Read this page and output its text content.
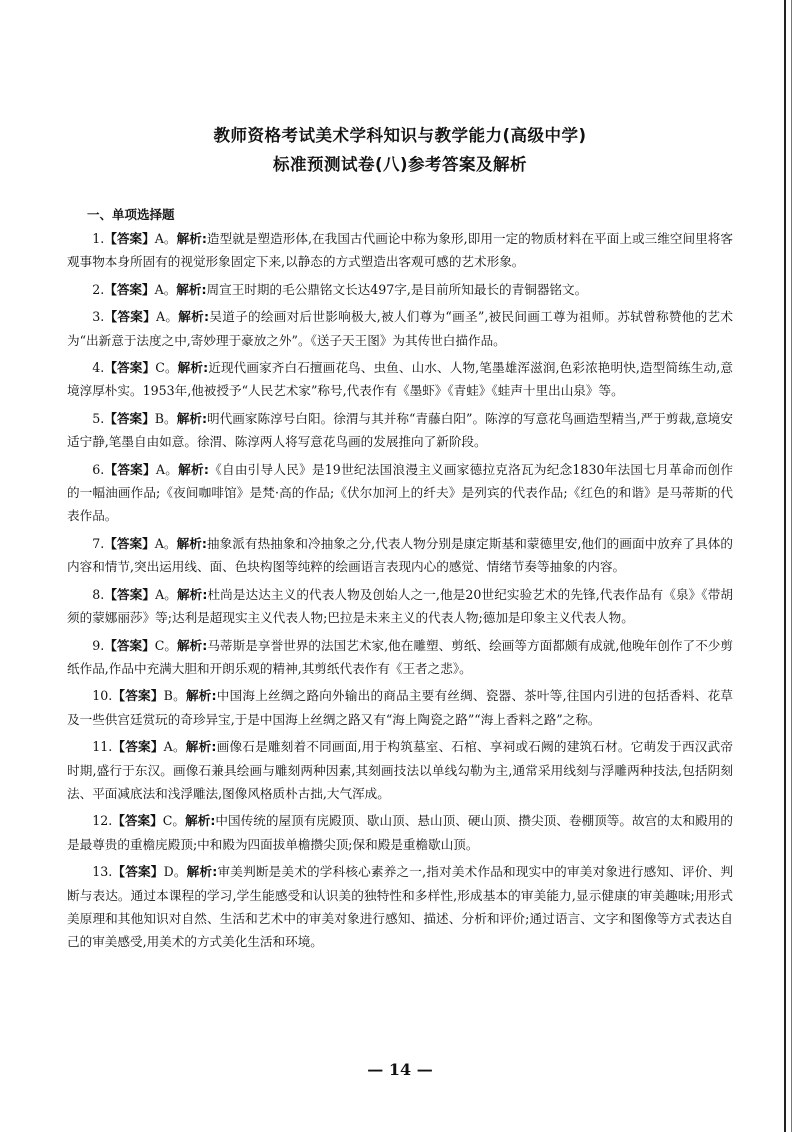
教师资格考试美术学科知识与教学能力(高级中学)
标准预测试卷(八)参考答案及解析
一、单项选择题

1.【答案】A。解析:造型就是塑造形体,在我国古代画论中称为象形,即用一定的物质材料在平面上或三维空间里将客观事物本身所固有的视觉形象固定下来,以静态的方式塑造出客观可感的艺术形象。

2.【答案】A。解析:周宣王时期的毛公鼎铭文长达497字,是目前所知最长的青铜器铭文。

3.【答案】A。解析:吴道子的绘画对后世影响极大,被人们尊为“画圣”,被民间画工尊为祖师。苏轼曾称赞他的艺术为“出新意于法度之中,寄妙理于豪放之外”。《送子天王图》为其传世白描作品。

4.【答案】C。解析:近现代画家齐白石擅画花鸟、虫鱼、山水、人物,笔墨雄浑滋润,色彩浓艳明快,造型简练生动,意境淳厚朴实。1953年,他被授予“人民艺术家”称号,代表作有《墨虾》《青蛙》《蛙声十里出山泉》等。

5.【答案】B。解析:明代画家陈淳号白阳。徐渭与其并称“青藤白阳”。陈淳的写意花鸟画造型精当,严于剪裁,意境安适宁静,笔墨自由如意。徐渭、陈淳两人将写意花鸟画的发展推向了新阶段。

6.【答案】A。解析:《自由引导人民》是19世纪法国浪漫主义画家德拉克洛瓦为纪念1830年法国七月革命而创作的一幅油画作品;《夜间咖啡馆》是梵·高的作品;《伏尔加河上的纤夫》是列宾的代表作品;《红色的和谐》是马蒂斯的代表作品。

7.【答案】A。解析:抽象派有热抽象和冷抽象之分,代表人物分别是康定斯基和蒙德里安,他们的画面中放弃了具体的内容和情节,突出运用线、面、色块构图等纯粹的绘画语言表现内心的感觉、情绪节奏等抽象的内容。

8.【答案】A。解析:杜尚是达达主义的代表人物及创始人之一,他是20世纪实验艺术的先锋,代表作品有《泉》《带胡须的蒙娜丽莎》等;达利是超现实主义代表人物;巴拉是未来主义的代表人物;德加是印象主义代表人物。

9.【答案】C。解析:马蒂斯是享誉世界的法国艺术家,他在雕塑、剪纸、绘画等方面都颇有成就,他晚年创作了不少剪纸作品,作品中充满大胆和开朗乐观的精神,其剪纸代表作有《王者之悲》。

10.【答案】B。解析:中国海上丝绸之路向外输出的商品主要有丝绸、瓷器、茶叶等,往国内引进的包括香料、花草及一些供宫廷赏玩的奇珍异宝,于是中国海上丝绸之路又有“海上陶瓷之路”“海上香料之路”之称。

11.【答案】A。解析:画像石是雕刻着不同画面,用于构筑墓室、石棺、享祠或石阙的建筑石材。它萌发于西汉武帝时期,盛行于东汉。画像石兼具绘画与雕刻两种因素,其刻画技法以单线勾勒为主,通常采用线刻与浮雕两种技法,包括阴刻法、平面减底法和浅浮雕法,图像风格质朴古拙,大气浑成。

12.【答案】C。解析:中国传统的屋顶有庑殿顶、歇山顶、悬山顶、硬山顶、攒尖顶、卷棚顶等。故宫的太和殿用的是最尊贵的重檐庑殿顶;中和殿为四面拔单檐攒尖顶;保和殿是重檐歇山顶。

13.【答案】D。解析:审美判断是美术的学科核心素养之一,指对美术作品和现实中的审美对象进行感知、评价、判断与表达。通过本课程的学习,学生能感受和认识美的独特性和多样性,形成基本的审美能力,显示健康的审美趣味;用形式美原理和其他知识对自然、生活和艺术中的审美对象进行感知、描述、分析和评价;通过语言、文字和图像等方式表达自己的审美感受,用美术的方式美化生活和环境。

— 14 —
